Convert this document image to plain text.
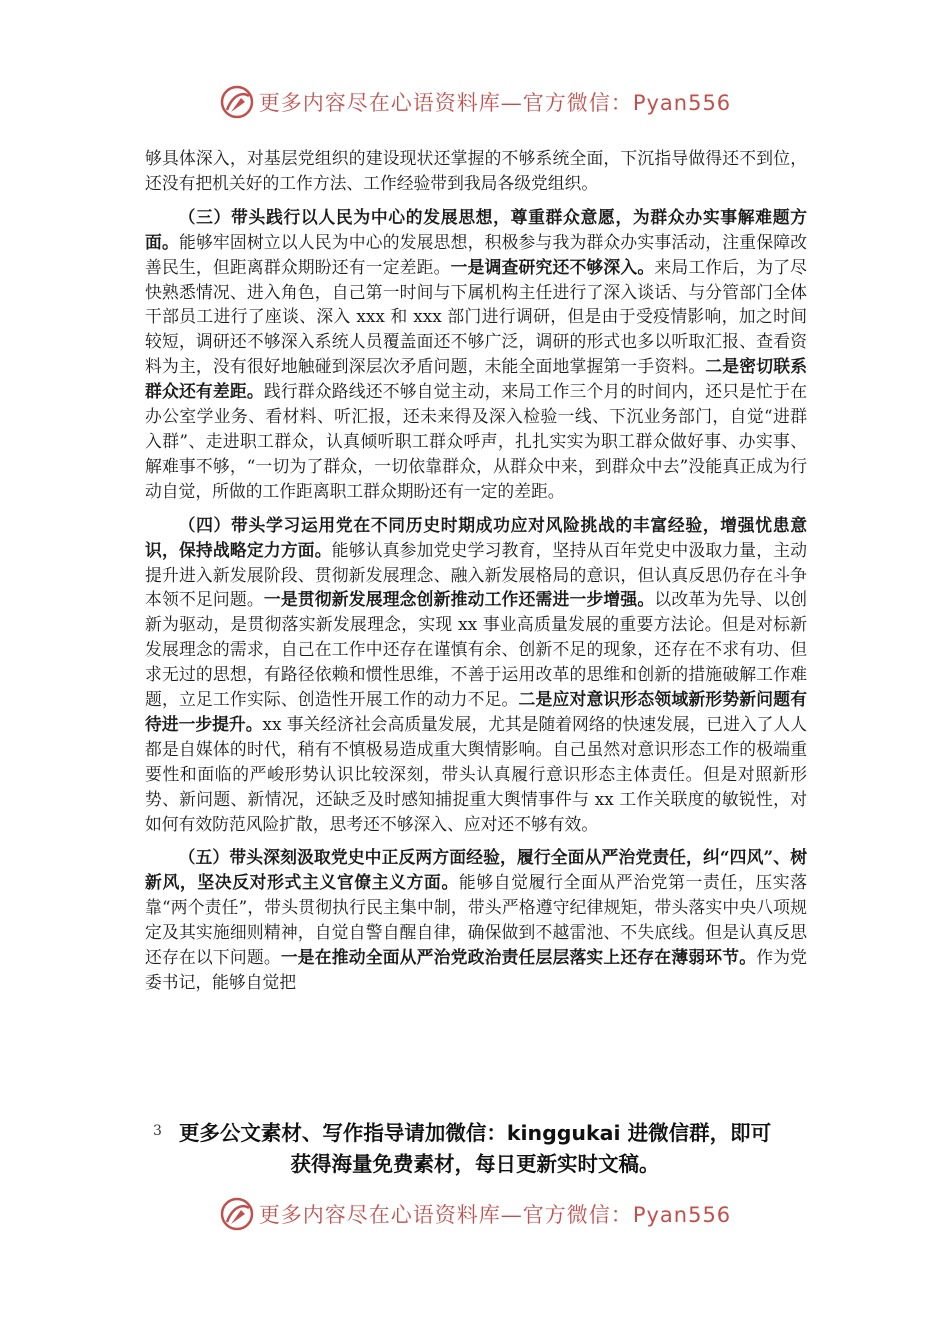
更多内容尽在心语资料库—官方微信：Pyan556

够具体深入，对基层党组织的建设现状还掌握的不够系统全面，下沉指导做得还不到位，还没有把机关好的工作方法、工作经验带到我局各级党组织。

（三）带头践行以人民为中心的发展思想，尊重群众意愿，为群众办实事解难题方面。能够牢固树立以人民为中心的发展思想，积极参与我为群众办实事活动，注重保障改善民生，但距离群众期盼还有一定差距。一是调查研究还不够深入。来局工作后，为了尽快熟悉情况、进入角色，自己第一时间与下属机构主任进行了深入谈话、与分管部门全体干部员工进行了座谈、深入 xxx 和 xxx 部门进行调研，但是由于受疫情影响，加之时间较短，调研还不够深入系统人员覆盖面还不够广泛，调研的形式也多以听取汇报、查看资料为主，没有很好地触碰到深层次矛盾问题，未能全面地掌握第一手资料。二是密切联系群众还有差距。践行群众路线还不够自觉主动，来局工作三个月的时间内，还只是忙于在办公室学业务、看材料、听汇报，还未来得及深入检验一线、下沉业务部门，自觉“进群入群”、走进职工群众，认真倾听职工群众呼声，扎扎实实为职工群众做好事、办实事、解难事不够，“一切为了群众，一切依靠群众，从群众中来，到群众中去”没能真正成为行动自觉，所做的工作距离职工群众期盼还有一定的差距。

（四）带头学习运用党在不同历史时期成功应对风险挑战的丰富经验，增强忧患意识，保持战略定力方面。能够认真参加党史学习教育，坚持从百年党史中汲取力量，主动提升进入新发展阶段、贯彻新发展理念、融入新发展格局的意识，但认真反思仍存在斗争本领不足问题。一是贯彻新发展理念创新推动工作还需进一步增强。以改革为先导、以创新为驱动，是贯彻落实新发展理念，实现 xx 事业高质量发展的重要方法论。但是对标新发展理念的需求，自己在工作中还存在谨慎有余、创新不足的现象，还存在不求有功、但求无过的思想，有路径依赖和惯性思维，不善于运用改革的思维和创新的措施破解工作难题，立足工作实际、创造性开展工作的动力不足。二是应对意识形态领域新形势新问题有待进一步提升。xx 事关经济社会高质量发展，尤其是随着网络的快速发展，已进入了人人都是自媒体的时代，稍有不慎极易造成重大舆情影响。自己虽然对意识形态工作的极端重要性和面临的严峻形势认识比较深刻，带头认真履行意识形态主体责任。但是对照新形势、新问题、新情况，还缺乏及时感知捕捉重大舆情事件与 xx 工作关联度的敏锐性，对如何有效防范风险扩散，思考还不够深入、应对还不够有效。

（五）带头深刻汲取党史中正反两方面经验，履行全面从严治党责任，纠“四风”、树新风，坚决反对形式主义官僚主义方面。能够自觉履行全面从严治党第一责任，压实落靠“两个责任”，带头贯彻执行民主集中制，带头严格遵守纪律规矩，带头落实中央八项规定及其实施细则精神，自觉自警自醒自律，确保做到不越雷池、不失底线。但是认真反思还存在以下问题。一是在推动全面从严治党政治责任层层落实上还存在薄弱环节。作为党委书记，能够自觉把

3 更多公文素材、写作指导请加微信：kinggukai 进微信群，即可
获得海量免费素材，每日更新实时文稿。
更多内容尽在心语资料库—官方微信：Pyan556
